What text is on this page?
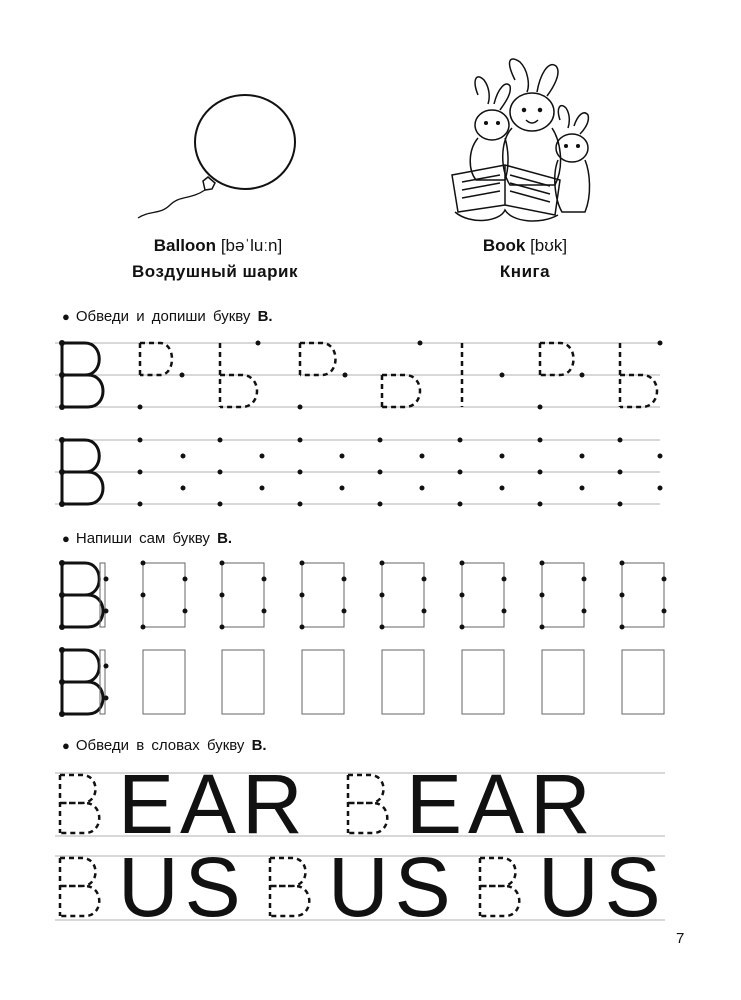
Balloon [bəˈluːn]
Воздушный шарик
Book [bʊk]
Книга
● Обведи и допиши букву B.
● Напиши сам букву B.
● Обведи в словах букву B.
EAR EAR
US US US
7
